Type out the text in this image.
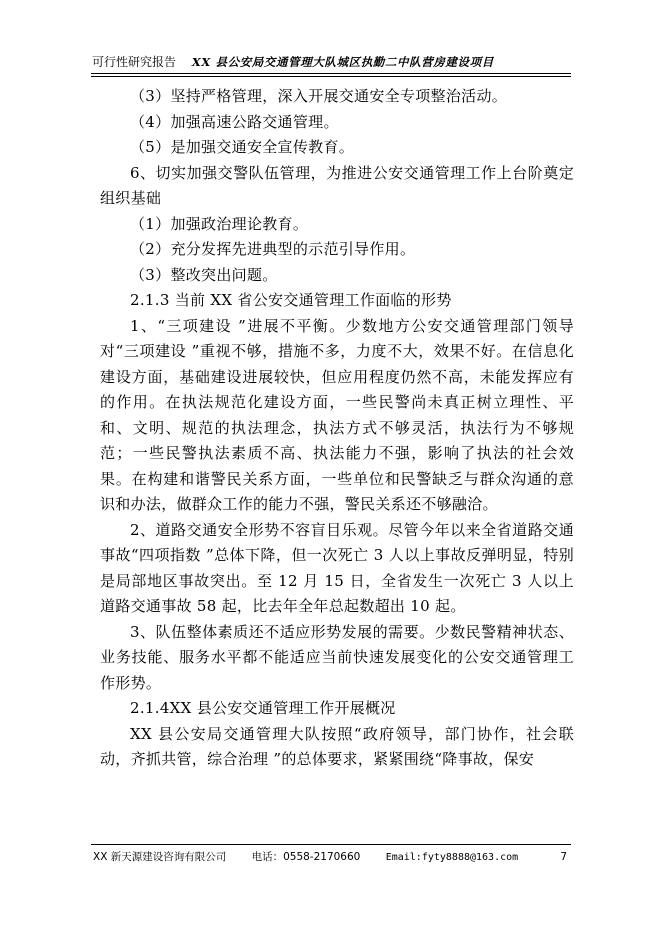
可行性研究报告 XX 县公安局交通管理大队城区执勤二中队营房建设项目

（3）坚持严格管理，深入开展交通安全专项整治活动。

（4）加强高速公路交通管理。

（5）是加强交通安全宣传教育。

6、切实加强交警队伍管理，为推进公安交通管理工作上台阶奠定组织基础

（1）加强政治理论教育。

（2）充分发挥先进典型的示范引导作用。

（3）整改突出问题。

2.1.3 当前 XX 省公安交通管理工作面临的形势

1、“三项建设 ”进展不平衡。少数地方公安交通管理部门领导对“三项建设 ”重视不够，措施不多，力度不大，效果不好。在信息化建设方面，基础建设进展较快，但应用程度仍然不高，未能发挥应有的作用。在执法规范化建设方面，一些民警尚未真正树立理性、平和、文明、规范的执法理念，执法方式不够灵活，执法行为不够规范；一些民警执法素质不高、执法能力不强，影响了执法的社会效果。在构建和谐警民关系方面，一些单位和民警缺乏与群众沟通的意识和办法，做群众工作的能力不强，警民关系还不够融洽。

2、道路交通安全形势不容盲目乐观。尽管今年以来全省道路交通事故“四项指数 ”总体下降，但一次死亡 3 人以上事故反弹明显，特别是局部地区事故突出。至 12 月 15 日，全省发生一次死亡 3 人以上道路交通事故 58 起，比去年全年总起数超出 10 起。

3、队伍整体素质还不适应形势发展的需要。少数民警精神状态、业务技能、服务水平都不能适应当前快速发展变化的公安交通管理工作形势。

2.1.4XX 县公安交通管理工作开展概况

XX 县公安局交通管理大队按照“政府领导，部门协作，社会联动，齐抓共管，综合治理 ”的总体要求，紧紧围绕“降事故，保安

XX 新天源建设咨询有限公司 电话：0558-2170660	Email:fyty8888@163.com	7
